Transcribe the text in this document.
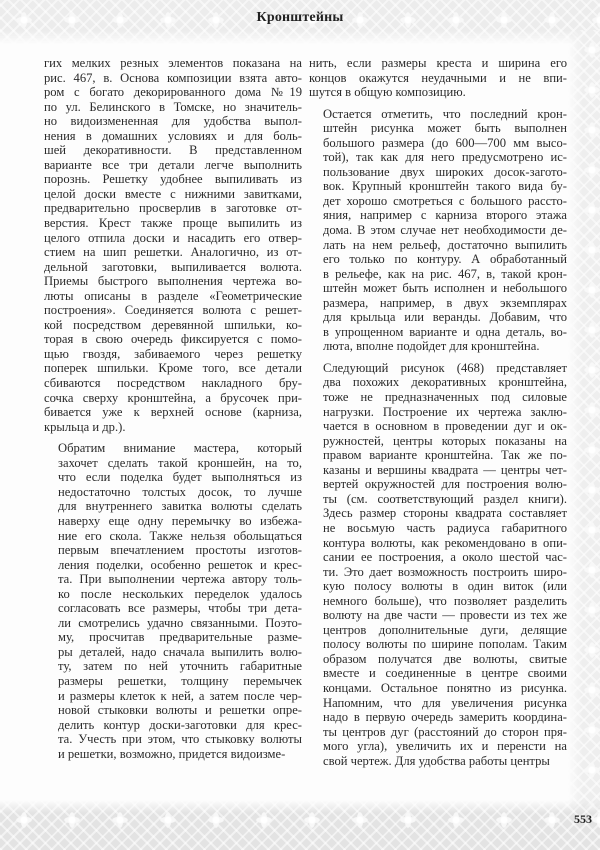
Кронштейны
гих мелких резных элементов показана на
рис. 467, в. Основа композиции взята авто-
ром с богато декорированного дома №19
по ул. Белинского в Томске, но значитель-
но видоизмененная для удобства выпол-
нения в домашних условиях и для боль-
шей декоративности. В представленном
варианте все три детали легче выполнить
порознь. Решетку удобнее выпиливать из
целой доски вместе с нижними завитками,
предварительно просверлив в заготовке от-
верстия. Крест также проще выпилить из
целого отпила доски и насадить его отвер-
стием на шип решетки. Аналогично, из от-
дельной заготовки, выпиливается волюта.
Приемы быстрого выполнения чертежа во-
люты описаны в разделе «Геометрические
построения». Соединяется волюта с решет-
кой посредством деревянной шпильки, ко-
торая в свою очередь фиксируется с помо-
щью гвоздя, забиваемого через решетку
поперек шпильки. Кроме того, все детали
сбиваются посредством накладного бру-
сочка сверху кронштейна, а брусочек при-
бивается уже к верхней основе (карниза,
крыльца и др.).
Обратим внимание мастера, который
захочет сделать такой кроншейн, на то,
что если поделка будет выполняться из
недостаточно толстых досок, то лучше
для внутреннего завитка волюты сделать
наверху еще одну перемычку во избежа-
ние его скола. Также нельзя обольщаться
первым впечатлением простоты изготов-
ления поделки, особенно решеток и крес-
та. При выполнении чертежа автору толь-
ко после нескольких переделок удалось
согласовать все размеры, чтобы три дета-
ли смотрелись удачно связанными. Поэто-
му, просчитав предварительные разме-
ры деталей, надо сначала выпилить волю-
ту, затем по ней уточнить габаритные
размеры решетки, толщину перемычек
и размеры клеток к ней, а затем после чер-
новой стыковки волюты и решетки опре-
делить контур доски-заготовки для крес-
та. Учесть при этом, что стыковку волюты
и решетки, возможно, придется видоизме-
нить, если размеры креста и ширина его
концов окажутся неудачными и не впи-
шутся в общую композицию.
Остается отметить, что последний крон-
штейн рисунка может быть выполнен
большого размера (до 600—700 мм высо-
той), так как для него предусмотрено ис-
пользование двух широких досок-загото-
вок. Крупный кронштейн такого вида бу-
дет хорошо смотреться с большого рассто-
яния, например с карниза второго этажа
дома. В этом случае нет необходимости де-
лать на нем рельеф, достаточно выпилить
его только по контуру. А обработанный
в рельефе, как на рис. 467, в, такой крон-
штейн может быть исполнен и небольшого
размера, например, в двух экземплярах
для крыльца или веранды. Добавим, что
в упрощенном варианте и одна деталь, во-
люта, вполне подойдет для кронштейна.
Следующий рисунок (468) представляет
два похожих декоративных кронштейна,
тоже не предназначенных под силовые
нагрузки. Построение их чертежа заклю-
чается в основном в проведении дуг и ок-
ружностей, центры которых показаны на
правом варианте кронштейна. Так же по-
казаны и вершины квадрата — центры чет-
вертей окружностей для построения волю-
ты (см. соответствующий раздел книги).
Здесь размер стороны квадрата составляет
не восьмую часть радиуса габаритного
контура волюты, как рекомендовано в опи-
сании ее построения, а около шестой час-
ти. Это дает возможность построить широ-
кую полосу волюты в один виток (или
немного больше), что позволяет разделить
волюту на две части — провести из тех же
центров дополнительные дуги, делящие
полосу волюты по ширине пополам. Таким
образом получатся две волюты, свитые
вместе и соединенные в центре своими
концами. Остальное понятно из рисунка.
Напомним, что для увеличения рисунка
надо в первую очередь замерить координа-
ты центров дуг (расстояний до сторон пря-
мого угла), увеличить их и перенсти на
свой чертеж. Для удобства работы центры
553
